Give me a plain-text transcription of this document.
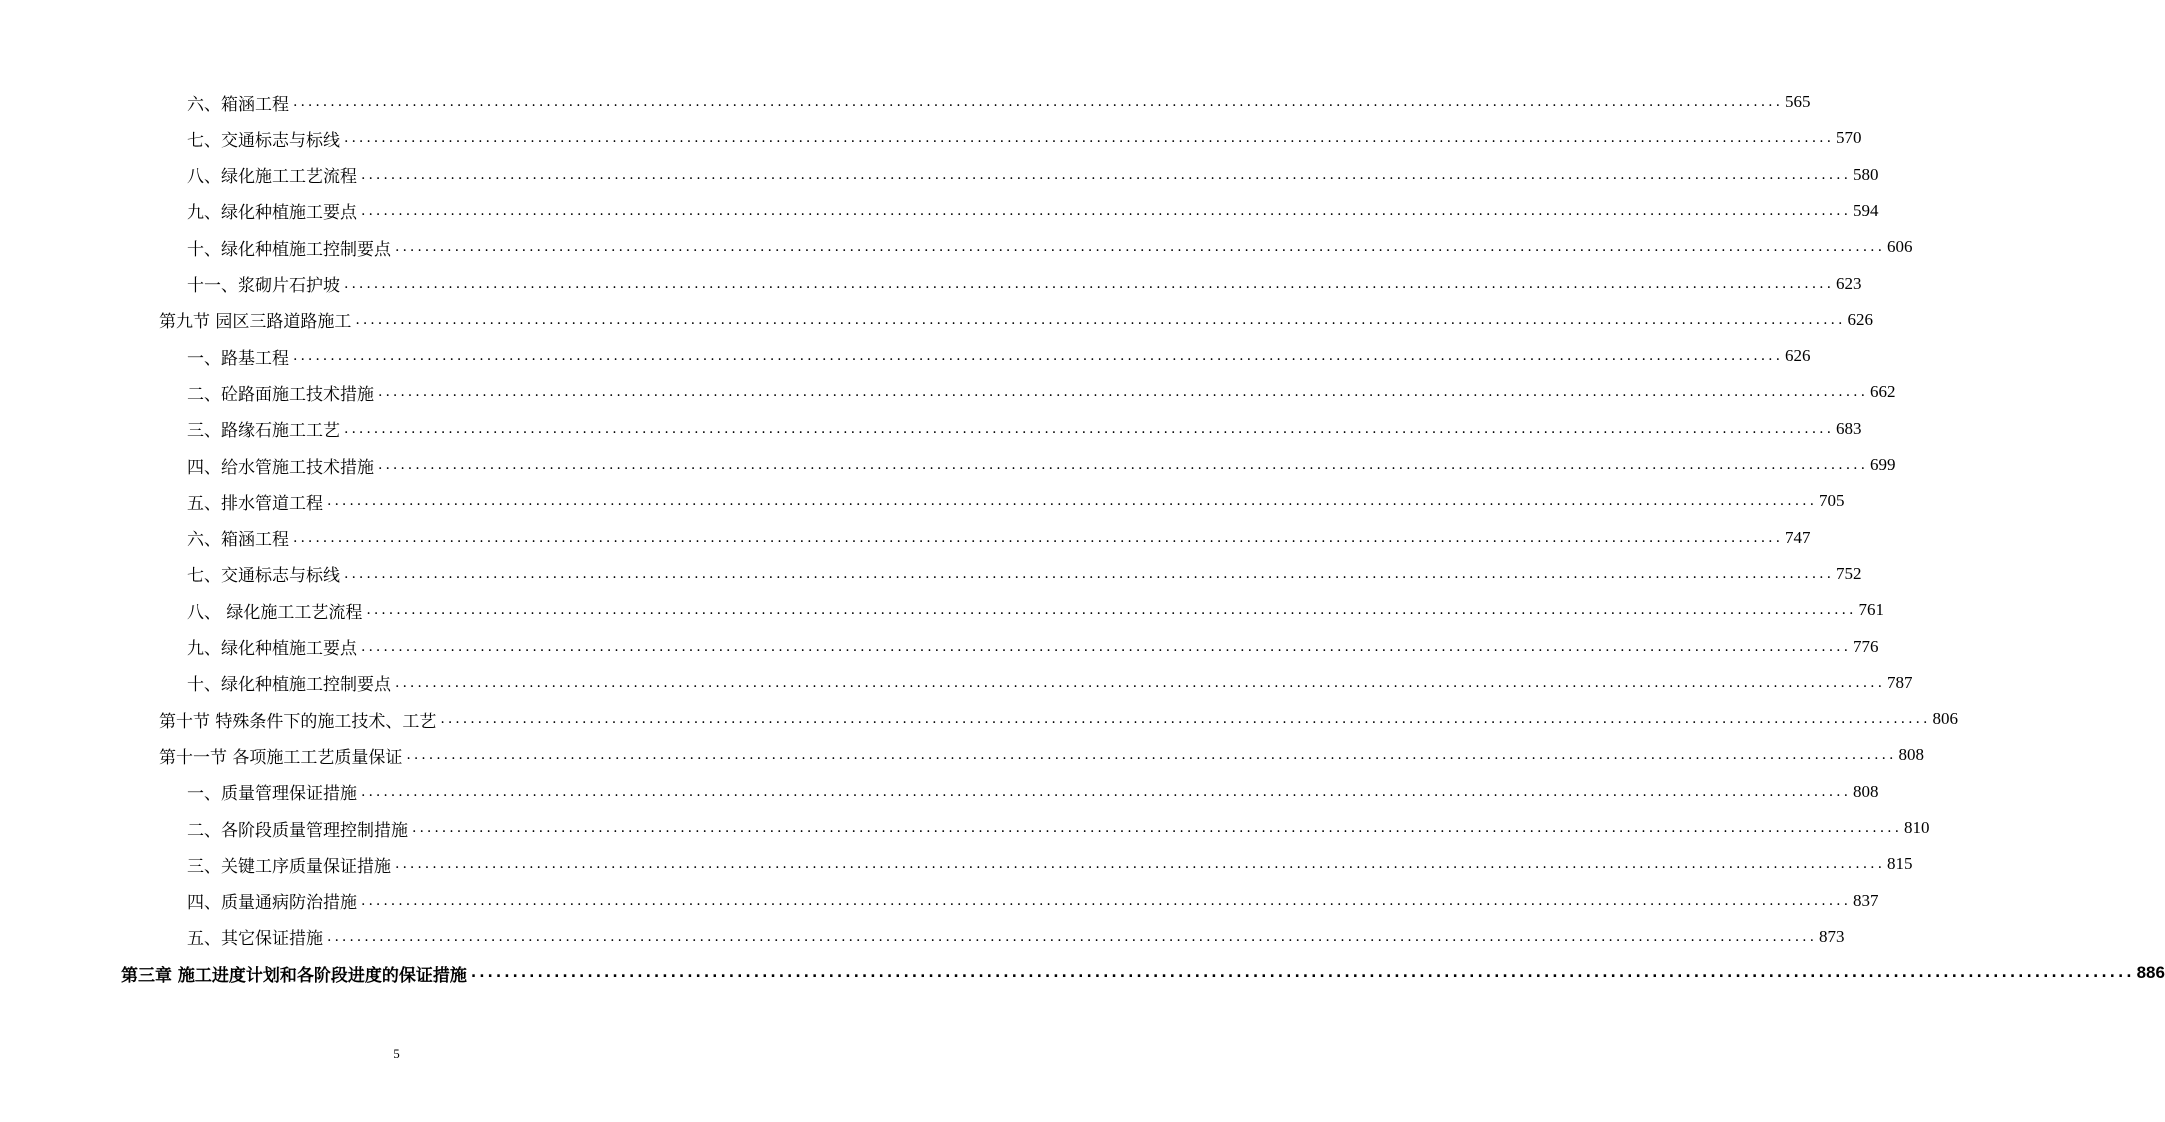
六、箱涵工程 ........................................................................................................................................................................................................ 565
七、交通标志与标线 ........................................................................................................................................................................................................ 570
八、绿化施工工艺流程 ........................................................................................................................................................................................................ 580
九、绿化种植施工要点 ........................................................................................................................................................................................................ 594
十、绿化种植施工控制要点 ........................................................................................................................................................................................................ 606
十一、浆砌片石护坡 ........................................................................................................................................................................................................ 623
第九节 园区三路道路施工 ........................................................................................................................................................................................................ 626
一、路基工程 ........................................................................................................................................................................................................ 626
二、砼路面施工技术措施 ........................................................................................................................................................................................................ 662
三、路缘石施工工艺 ........................................................................................................................................................................................................ 683
四、给水管施工技术措施 ........................................................................................................................................................................................................ 699
五、排水管道工程 ........................................................................................................................................................................................................ 705
六、箱涵工程 ........................................................................................................................................................................................................ 747
七、交通标志与标线 ........................................................................................................................................................................................................ 752
八、 绿化施工工艺流程 ........................................................................................................................................................................................................ 761
九、绿化种植施工要点 ........................................................................................................................................................................................................ 776
十、绿化种植施工控制要点 ........................................................................................................................................................................................................ 787
第十节 特殊条件下的施工技术、工艺 ........................................................................................................................................................................................................ 806
第十一节 各项施工工艺质量保证 ........................................................................................................................................................................................................ 808
一、质量管理保证措施 ........................................................................................................................................................................................................ 808
二、各阶段质量管理控制措施 ........................................................................................................................................................................................................ 810
三、关键工序质量保证措施 ........................................................................................................................................................................................................ 815
四、质量通病防治措施 ........................................................................................................................................................................................................ 837
五、其它保证措施 ........................................................................................................................................................................................................ 873
第三章 施工进度计划和各阶段进度的保证措施 ........................................................................................................................................................................................................ 886
5
